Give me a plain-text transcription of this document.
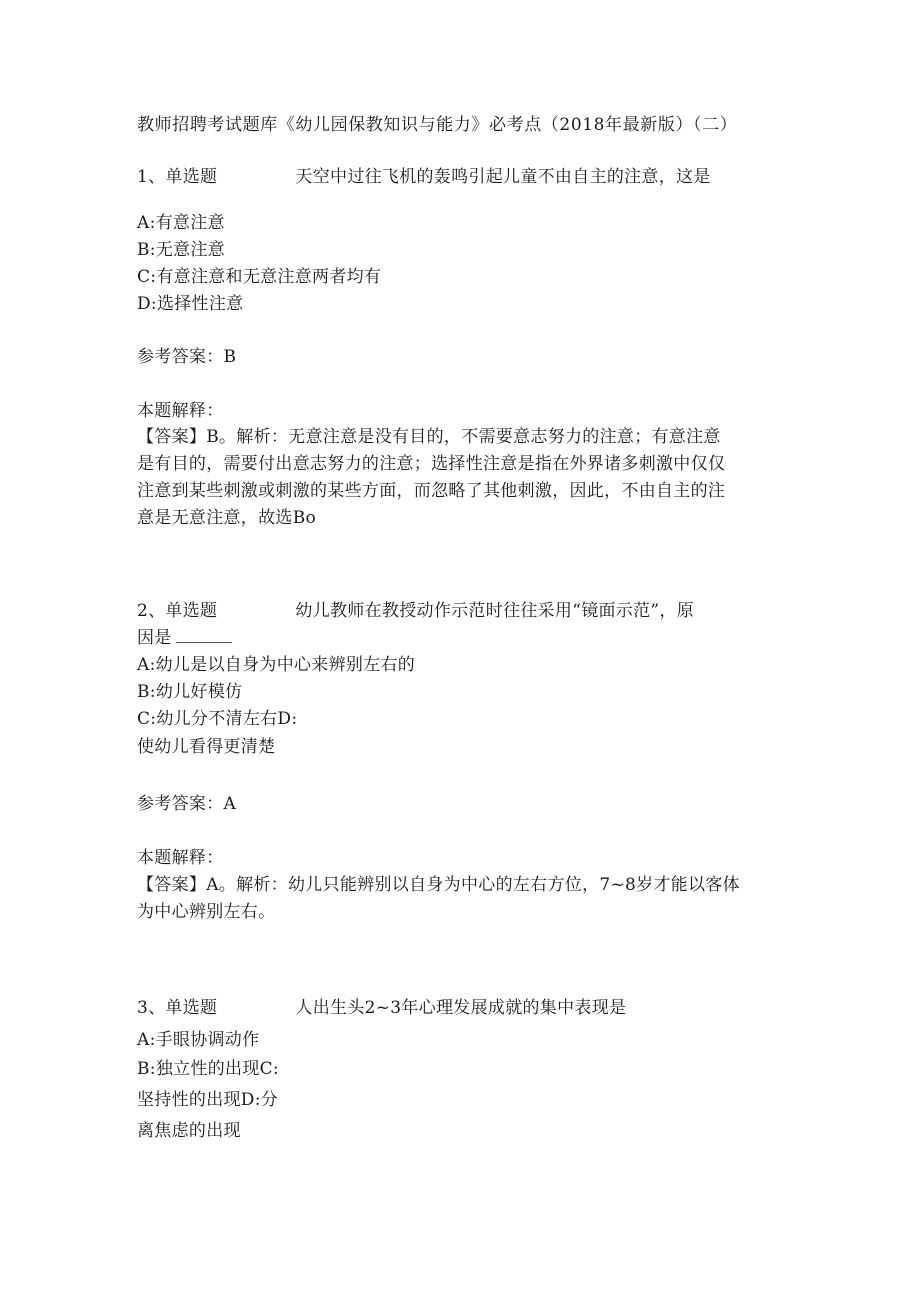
教师招聘考试题库《幼儿园保教知识与能力》必考点（2018年最新版）（二）
1、单选题	天空中过往飞机的轰鸣引起儿童不由自主的注意，这是
A:有意注意
B:无意注意
C:有意注意和无意注意两者均有
D:选择性注意
参考答案：B
本题解释：
【答案】B。解析：无意注意是没有目的，不需要意志努力的注意；有意注意
是有目的，需要付出意志努力的注意；选择性注意是指在外界诸多刺激中仅仅
注意到某些刺激或刺激的某些方面，而忽略了其他刺激，因此，不由自主的注
意是无意注意，故选Bo
2、单选题	幼儿教师在教授动作示范时往往采用“镜面示范”，原
因是
A:幼儿是以自身为中心来辨别左右的
B:幼儿好模仿
C:幼儿分不清左右D:
使幼儿看得更清楚
参考答案：A
本题解释：
【答案】A。解析：幼儿只能辨别以自身为中心的左右方位，7~8岁才能以客体
为中心辨别左右。
3、单选题	人出生头2~3年心理发展成就的集中表现是
A:手眼协调动作
B:独立性的出现C:
坚持性的出现D:分
离焦虑的出现
